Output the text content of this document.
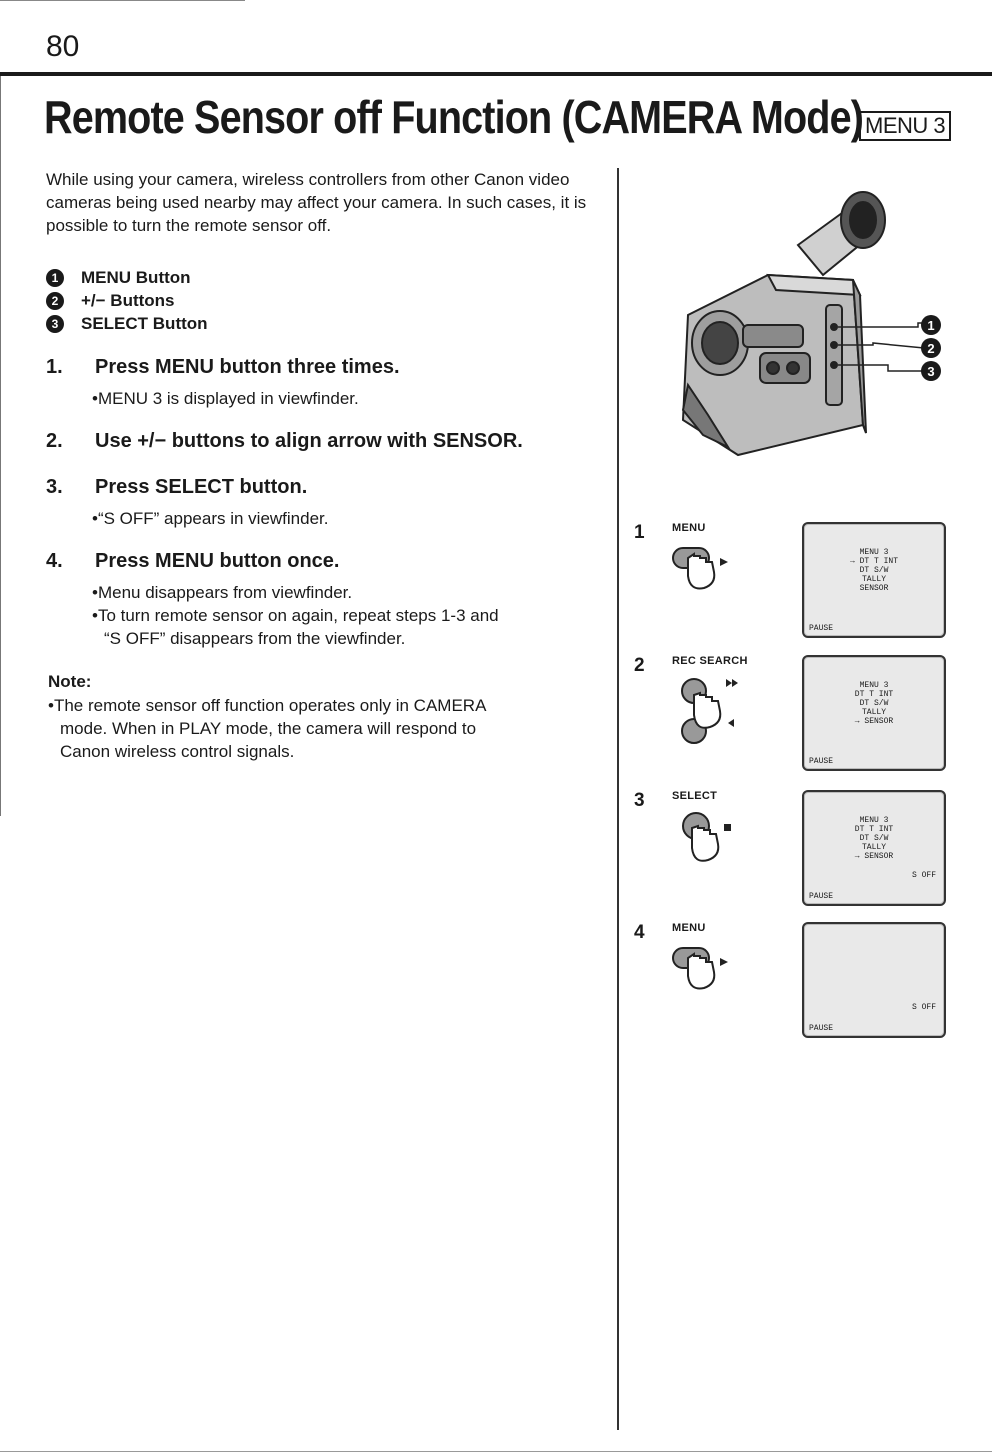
80
Remote Sensor off Function (CAMERA Mode) MENU 3

While using your camera, wireless controllers from other Canon video cameras being used nearby may affect your camera. In such cases, it is possible to turn the remote sensor off.

1	MENU Button
2	+/− Buttons
3	SELECT Button
1. Press MENU button three times.
•MENU 3 is displayed in viewfinder.
2. Use +/− buttons to align arrow with SENSOR.
3. Press SELECT button.
•“S OFF” appears in viewfinder.
4. Press MENU button once.
•Menu disappears from viewfinder.
•To turn remote sensor on again, repeat steps 1-3 and
“S OFF” disappears from the viewfinder.
Note:

•The remote sensor off function operates only in CAMERA
mode. When in PLAY mode, the camera will respond to
Canon wireless control signals.

1
2
3
1 MENU
MENU 3
→ DT T INT
DT S/W
TALLY
SENSOR
PAUSE
2 REC SEARCH
MENU 3
DT T INT
DT S/W
TALLY
→ SENSOR
PAUSE
3 SELECT
MENU 3
DT T INT
DT S/W
TALLY
→ SENSOR
S OFF
PAUSE
4 MENU
S OFF
PAUSE
